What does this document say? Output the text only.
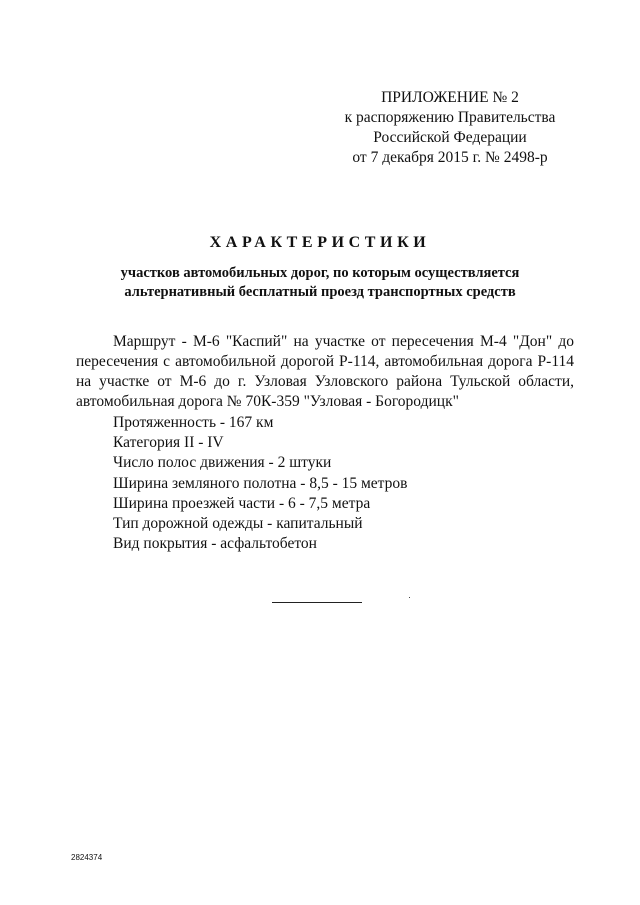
ПРИЛОЖЕНИЕ № 2
к распоряжению Правительства
Российской Федерации
от 7 декабря 2015 г. № 2498-р
ХАРАКТЕРИСТИКИ
участков автомобильных дорог, по которым осуществляется
альтернативный бесплатный проезд транспортных средств
Маршрут - М-6 "Каспий" на участке от пересечения М-4 "Дон" до пересечения с автомобильной дорогой Р-114, автомобильная дорога Р-114 на участке от М-6 до г. Узловая Узловского района Тульской области, автомобильная дорога № 70К-359 "Узловая - Богородицк"
Протяженность - 167 км
Категория II - IV
Число полос движения - 2 штуки
Ширина земляного полотна - 8,5 - 15 метров
Ширина проезжей части - 6 - 7,5 метра
Тип дорожной одежды - капитальный
Вид покрытия - асфальтобетон
2824374
